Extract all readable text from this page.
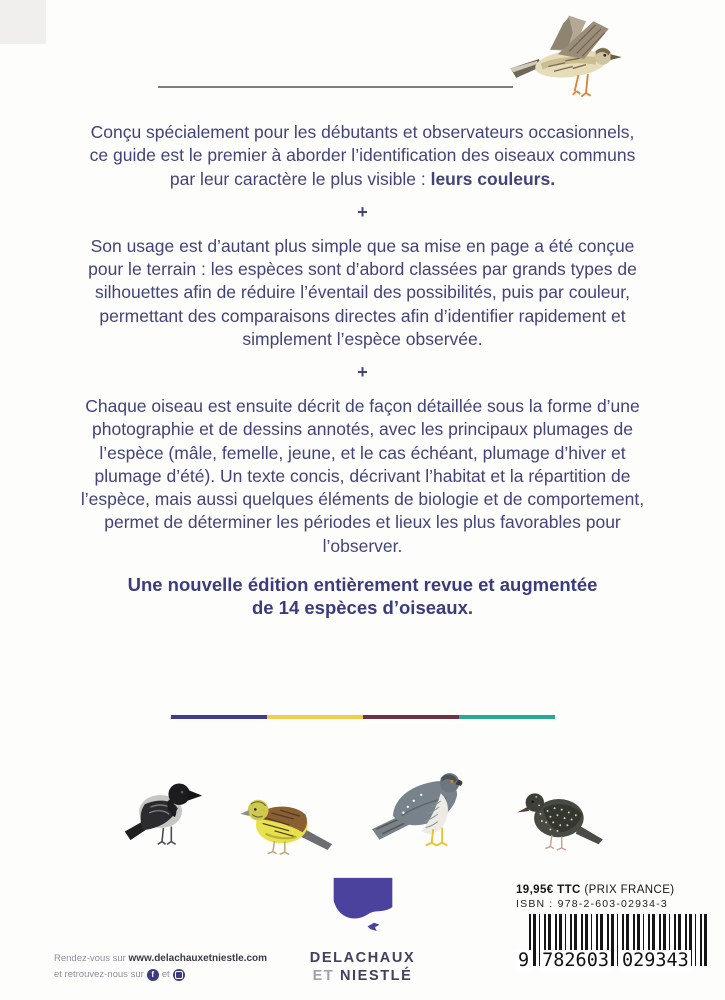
Conçu spécialement pour les débutants et observateurs occasionnels, ce guide est le premier à aborder l’identification des oiseaux communs par leur caractère le plus visible : leurs couleurs.

+

Son usage est d’autant plus simple que sa mise en page a été conçue pour le terrain : les espèces sont d’abord classées par grands types de silhouettes afin de réduire l’éventail des possibilités, puis par couleur, permettant des comparaisons directes afin d’identifier rapidement et simplement l’espèce observée.

+

Chaque oiseau est ensuite décrit de façon détaillée sous la forme d’une photographie et de dessins annotés, avec les principaux plumages de l’espèce (mâle, femelle, jeune, et le cas échéant, plumage d’hiver et plumage d’été). Un texte concis, décrivant l’habitat et la répartition de l’espèce, mais aussi quelques éléments de biologie et de comportement, permet de déterminer les périodes et lieux les plus favorables pour l’observer.

Une nouvelle édition entièrement revue et augmentée
de 14 espèces d’oiseaux.
Rendez-vous sur www.delachauxetniestle.com
et retrouvez-nous sur f et
DELACHAUX
ET NIESTLÉ
19,95€ TTC (PRIX FRANCE)
ISBN : 978-2-603-02934-3
9 782603 029343
